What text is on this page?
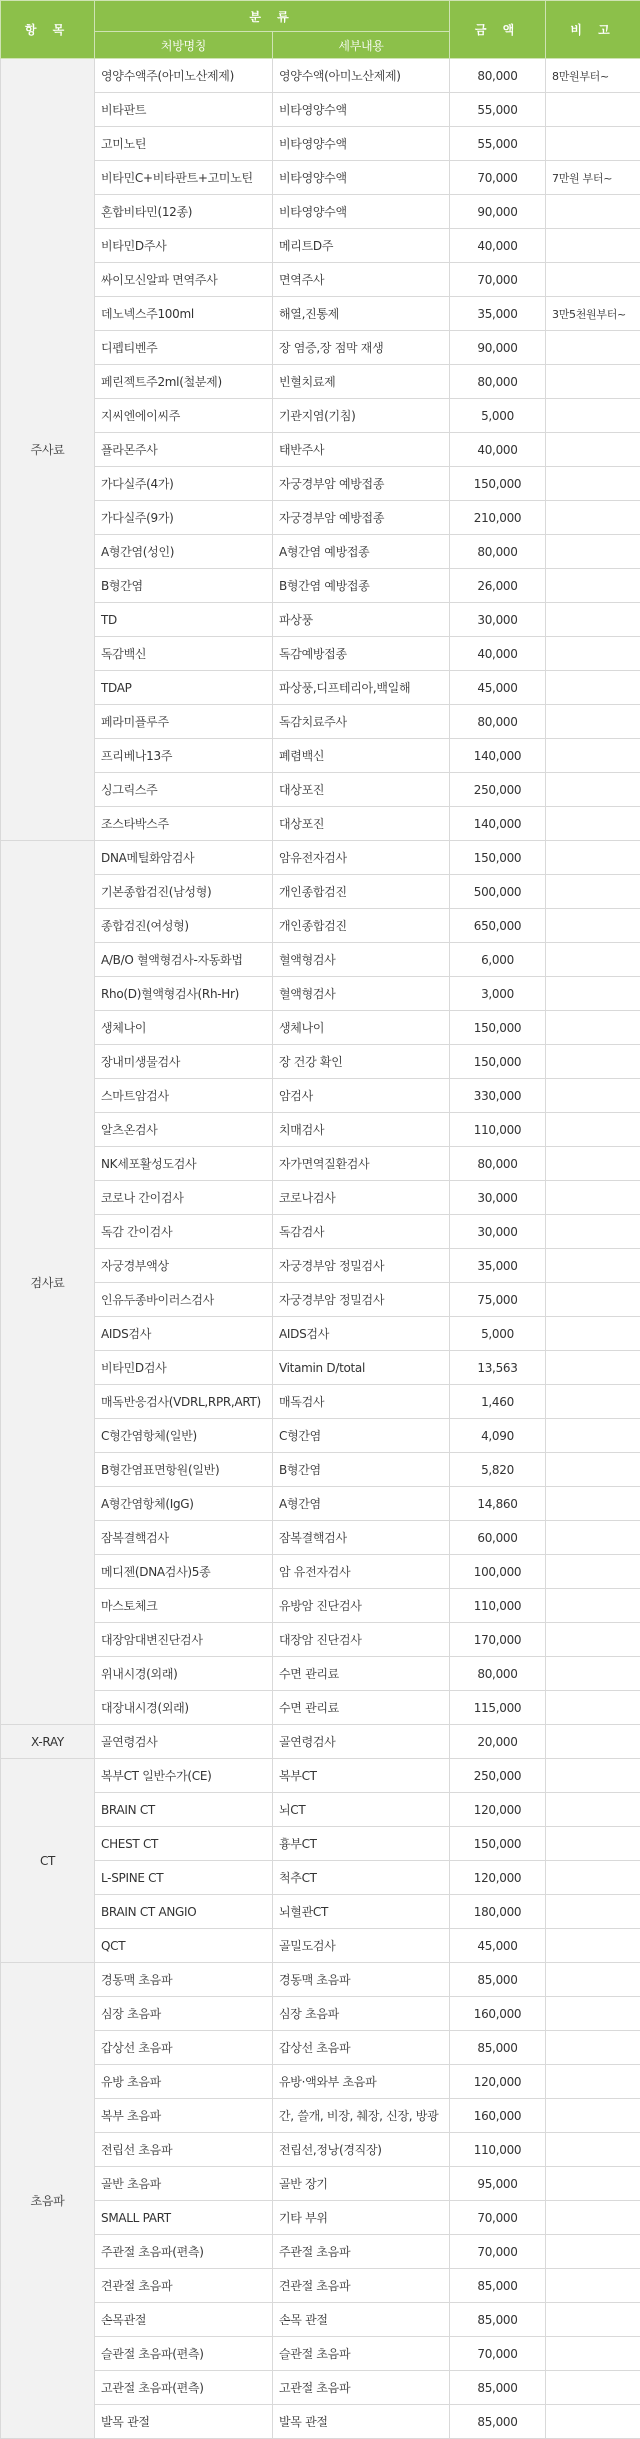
항 목	분 류		금 액	비 고
	처방명칭	세부내용		
주사료	영양수액주(아미노산제제)	영양수액(아미노산제제)	80,000	8만원부터~
	비타판트	비타영양수액	55,000	
	고미노틴	비타영양수액	55,000	
	비타민C+비타판트+고미노틴	비타영양수액	70,000	7만원 부터~
	혼합비타민(12종)	비타영양수액	90,000	
	비타민D주사	메리트D주	40,000	
	싸이모신알파 면역주사	면역주사	70,000	
	데노넥스주100ml	해열,진통제	35,000	3만5천원부터~
	디펩티벤주	장 염증,장 점막 재생	90,000	
	페린젝트주2ml(철분제)	빈혈치료제	80,000	
	지씨엔에이씨주	기관지염(기침)	5,000	
	플라몬주사	태반주사	40,000	
	가다실주(4가)	자궁경부암 예방접종	150,000	
	가다실주(9가)	자궁경부암 예방접종	210,000	
	A형간염(성인)	A형간염 예방접종	80,000	
	B형간염	B형간염 예방접종	26,000	
	TD	파상풍	30,000	
	독감백신	독감예방접종	40,000	
	TDAP	파상풍,디프테리아,백일해	45,000	
	페라미플루주	독감치료주사	80,000	
	프리베나13주	폐렴백신	140,000	
	싱그릭스주	대상포진	250,000	
	조스타박스주	대상포진	140,000	
검사료	DNA메틸화암검사	암유전자검사	150,000	
	기본종합검진(남성형)	개인종합검진	500,000	
	종합검진(여성형)	개인종합검진	650,000	
	A/B/O 혈액형검사-자동화법	혈액형검사	6,000	
	Rho(D)혈액형검사(Rh-Hr)	혈액형검사	3,000	
	생체나이	생체나이	150,000	
	장내미생물검사	장 건강 확인	150,000	
	스마트암검사	암검사	330,000	
	알츠온검사	치매검사	110,000	
	NK세포활성도검사	자가면역질환검사	80,000	
	코로나 간이검사	코로나검사	30,000	
	독감 간이검사	독감검사	30,000	
	자궁경부액상	자궁경부암 정밀검사	35,000	
	인유두종바이러스검사	자궁경부암 정밀검사	75,000	
	AIDS검사	AIDS검사	5,000	
	비타민D검사	Vitamin D/total	13,563	
	매독반응검사(VDRL,RPR,ART)	매독검사	1,460	
	C형간염항체(일반)	C형간염	4,090	
	B형간염표면항원(일반)	B형간염	5,820	
	A형간염항체(IgG)	A형간염	14,860	
	잠복결핵검사	잠복결핵검사	60,000	
	메디젠(DNA검사)5종	암 유전자검사	100,000	
	마스토체크	유방암 진단검사	110,000	
	대장암대변진단검사	대장암 진단검사	170,000	
	위내시경(외래)	수면 관리료	80,000	
	대장내시경(외래)	수면 관리료	115,000	
X-RAY	골연령검사	골연령검사	20,000	
CT	복부CT 일반수가(CE)	복부CT	250,000	
	BRAIN CT	뇌CT	120,000	
	CHEST CT	흉부CT	150,000	
	L-SPINE CT	척추CT	120,000	
	BRAIN CT ANGIO	뇌혈관CT	180,000	
	QCT	골밀도검사	45,000	
초음파	경동맥 초음파	경동맥 초음파	85,000	
	심장 초음파	심장 초음파	160,000	
	갑상선 초음파	갑상선 초음파	85,000	
	유방 초음파	유방·액와부 초음파	120,000	
	복부 초음파	간, 쓸개, 비장, 췌장, 신장, 방광	160,000	
	전립선 초음파	전립선,정낭(경직장)	110,000	
	골반 초음파	골반 장기	95,000	
	SMALL PART	기타 부위	70,000	
	주관절 초음파(편측)	주관절 초음파	70,000	
	견관절 초음파	견관절 초음파	85,000	
	손목관절	손목 관절	85,000	
	슬관절 초음파(편측)	슬관절 초음파	70,000	
	고관절 초음파(편측)	고관절 초음파	85,000	
	발목 관절	발목 관절	85,000	
